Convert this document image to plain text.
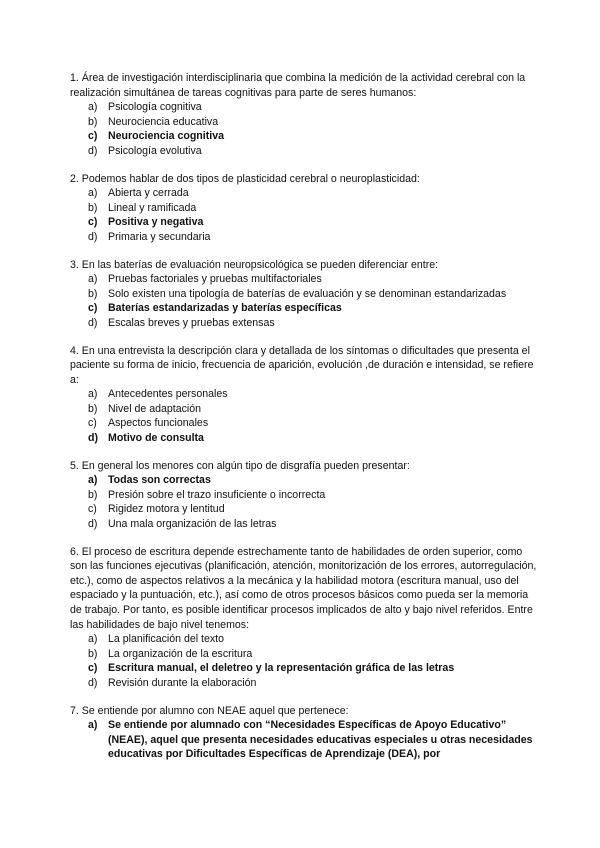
1. Área de investigación interdisciplinaria que combina la medición de la actividad cerebral con la realización simultánea de tareas cognitivas para parte de seres humanos:

a) Psicología cognitiva
b) Neurociencia educativa
c) Neurociencia cognitiva
d) Psicología evolutiva

2. Podemos hablar de dos tipos de plasticidad cerebral o neuroplasticidad:

a) Abierta y cerrada
b) Lineal y ramificada
c) Positiva y negativa
d) Primaria y secundaria

3. En las baterías de evaluación neuropsicológica se pueden diferenciar entre:

a) Pruebas factoriales y pruebas multifactoriales
b) Solo existen una tipología de baterías de evaluación y se denominan estandarizadas
c) Baterías estandarizadas y baterías específicas
d) Escalas breves y pruebas extensas

4. En una entrevista la descripción clara y detallada de los síntomas o dificultades que presenta el paciente su forma de inicio, frecuencia de aparición, evolución ,de duración e intensidad, se refiere a:

a) Antecedentes personales
b) Nivel de adaptación
c) Aspectos funcionales
d) Motivo de consulta

5. En general los menores con algún tipo de disgrafía pueden presentar:

a) Todas son correctas
b) Presión sobre el trazo insuficiente o incorrecta
c) Rigidez motora y lentitud
d) Una mala organización de las letras

6. El proceso de escritura depende estrechamente tanto de habilidades de orden superior, como son las funciones ejecutivas (planificación, atención, monitorización de los errores, autorregulación, etc.), como de aspectos relativos a la mecánica y la habilidad motora (escritura manual, uso del espaciado y la puntuación, etc.), así como de otros procesos básicos como pueda ser la memoria de trabajo. Por tanto, es posible identificar procesos implicados de alto y bajo nivel referidos. Entre las habilidades de bajo nivel tenemos:

a) La planificación del texto
b) La organización de la escritura
c) Escritura manual, el deletreo y la representación gráfica de las letras
d) Revisión durante la elaboración

7. Se entiende por alumno con NEAE aquel que pertenece:

a) Se entiende por alumnado con “Necesidades Específicas de Apoyo Educativo” (NEAE), aquel que presenta necesidades educativas especiales u otras necesidades educativas por Dificultades Específicas de Aprendizaje (DEA), por
